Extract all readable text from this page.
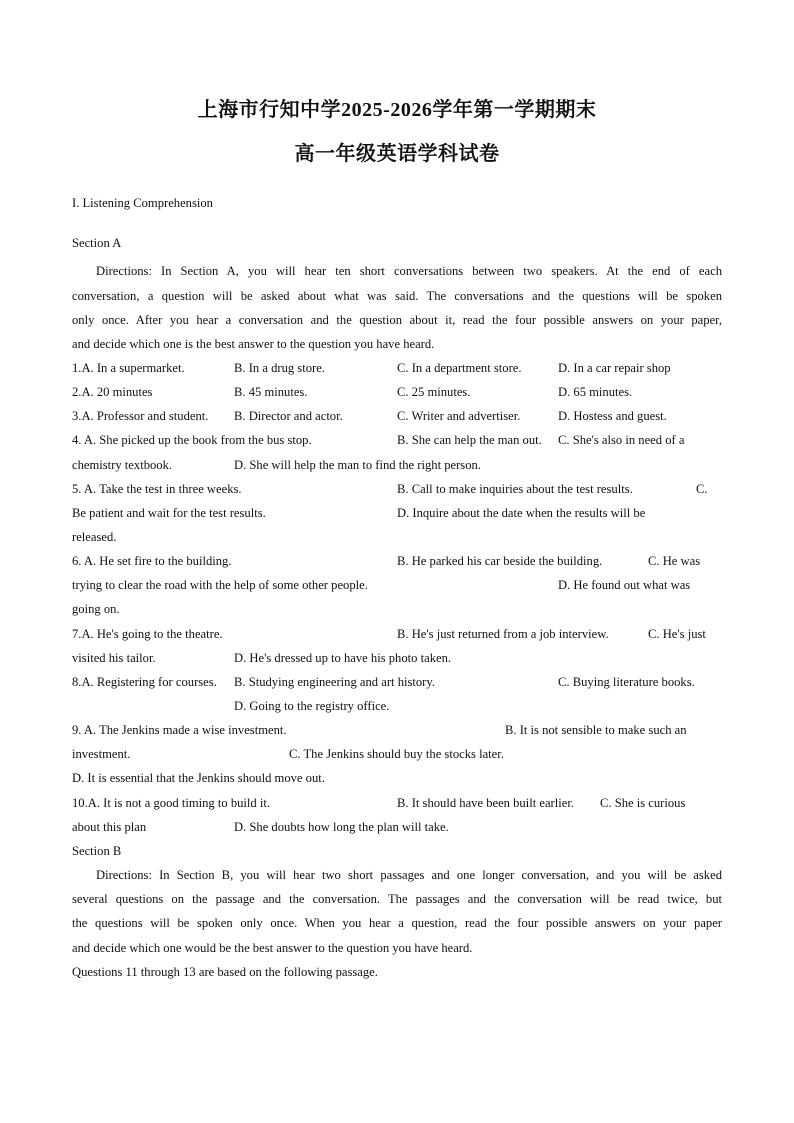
上海市行知中学2025-2026学年第一学期期末
高一年级英语学科试卷
I. Listening Comprehension
Section A
Directions: In Section A, you will hear ten short conversations between two speakers. At the end of each
conversation, a question will be asked about what was said. The conversations and the questions will be spoken
only once. After you hear a conversation and the question about it, read the four possible answers on your paper,
and decide which one is the best answer to the question you have heard.
1.A. In a supermarket.	B. In a drug store.	C. In a department store.	D. In a car repair shop
2.A. 20 minutes	B. 45 minutes.	C. 25 minutes.	D. 65 minutes.
3.A. Professor and student. B. Director and actor.	C. Writer and advertiser.	D. Hostess and guest.
4. A. She picked up the book from the bus stop.	B. She can help the man out. C. She's also in need of a
chemistry textbook.	D. She will help the man to find the right person.
5. A. Take the test in three weeks.	B. Call to make inquiries about the test results.	C.
Be patient and wait for the test results.	D. Inquire about the date when the results will be
released.
6. A. He set fire to the building.	B. He parked his car beside the building.	C. He was
trying to clear the road with the help of some other people.	D. He found out what was
going on.
7.A. He's going to the theatre.	B. He's just returned from a job interview.	C. He's just
visited his tailor.	D. He's dressed up to have his photo taken.
8.A. Registering for courses. B. Studying engineering and art history.	C. Buying literature books.
D. Going to the registry office.
9. A. The Jenkins made a wise investment.	B. It is not sensible to make such an
investment.	C. The Jenkins should buy the stocks later.
D. It is essential that the Jenkins should move out.
10.A. It is not a good timing to build it.	B. It should have been built earlier. C. She is curious
about this plan	D. She doubts how long the plan will take.
Section B
Directions: In Section B, you will hear two short passages and one longer conversation, and you will be asked
several questions on the passage and the conversation. The passages and the conversation will be read twice, but
the questions will be spoken only once. When you hear a question, read the four possible answers on your paper
and decide which one would be the best answer to the question you have heard.
Questions 11 through 13 are based on the following passage.
